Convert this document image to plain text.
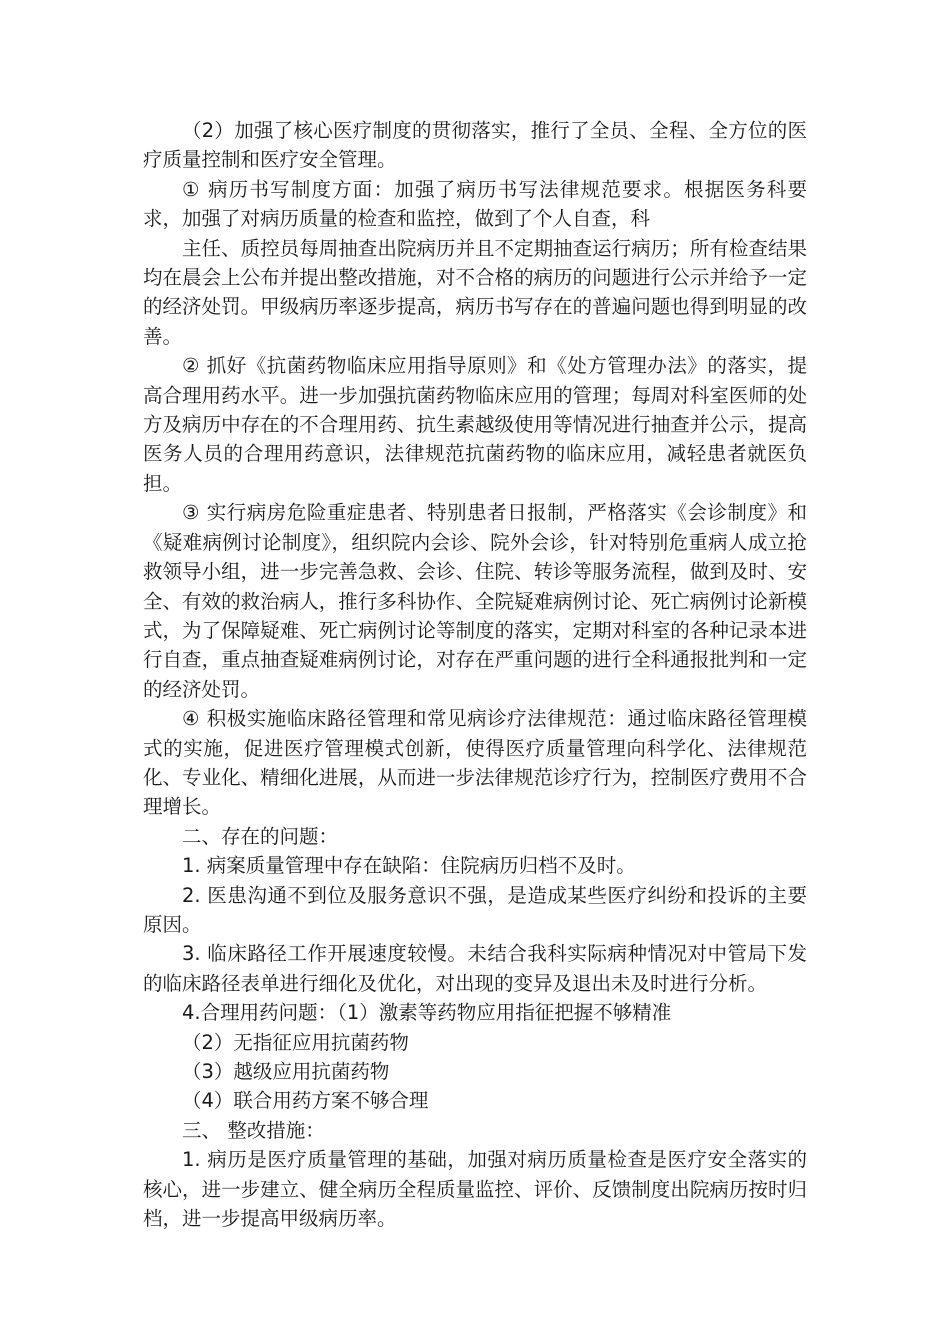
（2）加强了核心医疗制度的贯彻落实，推行了全员、全程、全方位的医疗质量控制和医疗安全管理。

① 病历书写制度方面：加强了病历书写法律规范要求。根据医务科要求，加强了对病历质量的检查和监控，做到了个人自查，科

主任、质控员每周抽查出院病历并且不定期抽查运行病历；所有检查结果均在晨会上公布并提出整改措施，对不合格的病历的问题进行公示并给予一定的经济处罚。甲级病历率逐步提高，病历书写存在的普遍问题也得到明显的改善。

② 抓好《抗菌药物临床应用指导原则》和《处方管理办法》的落实，提高合理用药水平。进一步加强抗菌药物临床应用的管理；每周对科室医师的处方及病历中存在的不合理用药、抗生素越级使用等情况进行抽查并公示，提高医务人员的合理用药意识，法律规范抗菌药物的临床应用，减轻患者就医负担。

③ 实行病房危险重症患者、特别患者日报制，严格落实《会诊制度》和《疑难病例讨论制度》，组织院内会诊、院外会诊，针对特别危重病人成立抢救领导小组，进一步完善急救、会诊、住院、转诊等服务流程，做到及时、安全、有效的救治病人，推行多科协作、全院疑难病例讨论、死亡病例讨论新模式，为了保障疑难、死亡病例讨论等制度的落实，定期对科室的各种记录本进行自查，重点抽查疑难病例讨论，对存在严重问题的进行全科通报批判和一定的经济处罚。

④ 积极实施临床路径管理和常见病诊疗法律规范：通过临床路径管理模式的实施，促进医疗管理模式创新，使得医疗质量管理向科学化、法律规范化、专业化、精细化进展，从而进一步法律规范诊疗行为，控制医疗费用不合理增长。

二、存在的问题：

1. 病案质量管理中存在缺陷：住院病历归档不及时。

2. 医患沟通不到位及服务意识不强，是造成某些医疗纠纷和投诉的主要原因。

3. 临床路径工作开展速度较慢。未结合我科实际病种情况对中管局下发的临床路径表单进行细化及优化，对出现的变异及退出未及时进行分析。

4.合理用药问题：（1）激素等药物应用指征把握不够精准

（2）无指征应用抗菌药物

（3）越级应用抗菌药物

（4）联合用药方案不够合理

三、 整改措施：

1. 病历是医疗质量管理的基础，加强对病历质量检查是医疗安全落实的核心，进一步建立、健全病历全程质量监控、评价、反馈制度出院病历按时归档，进一步提高甲级病历率。
